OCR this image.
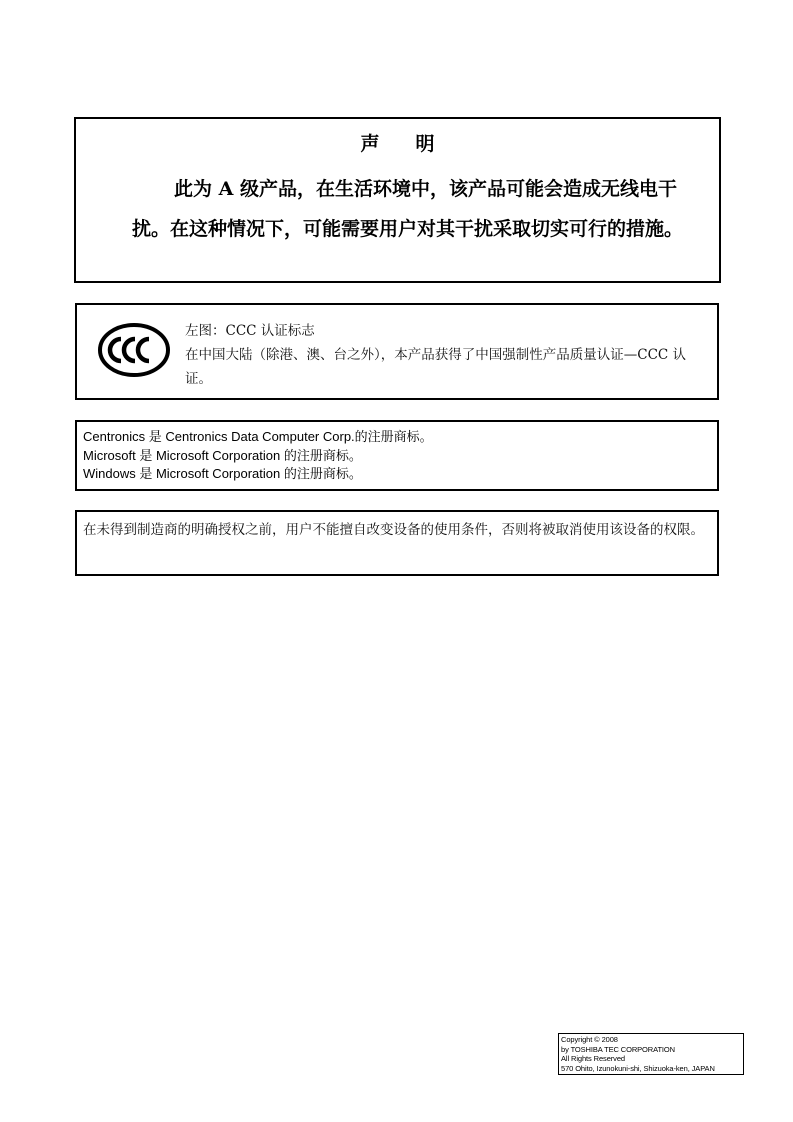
声明
此为 A 级产品，在生活环境中，该产品可能会造成无线电干扰。在这种情况下，可能需要用户对其干扰采取切实可行的措施。
左图：CCC 认证标志
在中国大陆（除港、澳、台之外），本产品获得了中国强制性产品质量认证—CCC 认证。
Centronics 是 Centronics Data Computer Corp.的注册商标。
Microsoft 是 Microsoft Corporation 的注册商标。
Windows 是 Microsoft Corporation 的注册商标。
在未得到制造商的明确授权之前，用户不能擅自改变设备的使用条件，否则将被取消使用该设备的权限。
Copyright © 2008
by TOSHIBA TEC CORPORATION
All Rights Reserved
570 Ohito, Izunokuni-shi, Shizuoka-ken, JAPAN
